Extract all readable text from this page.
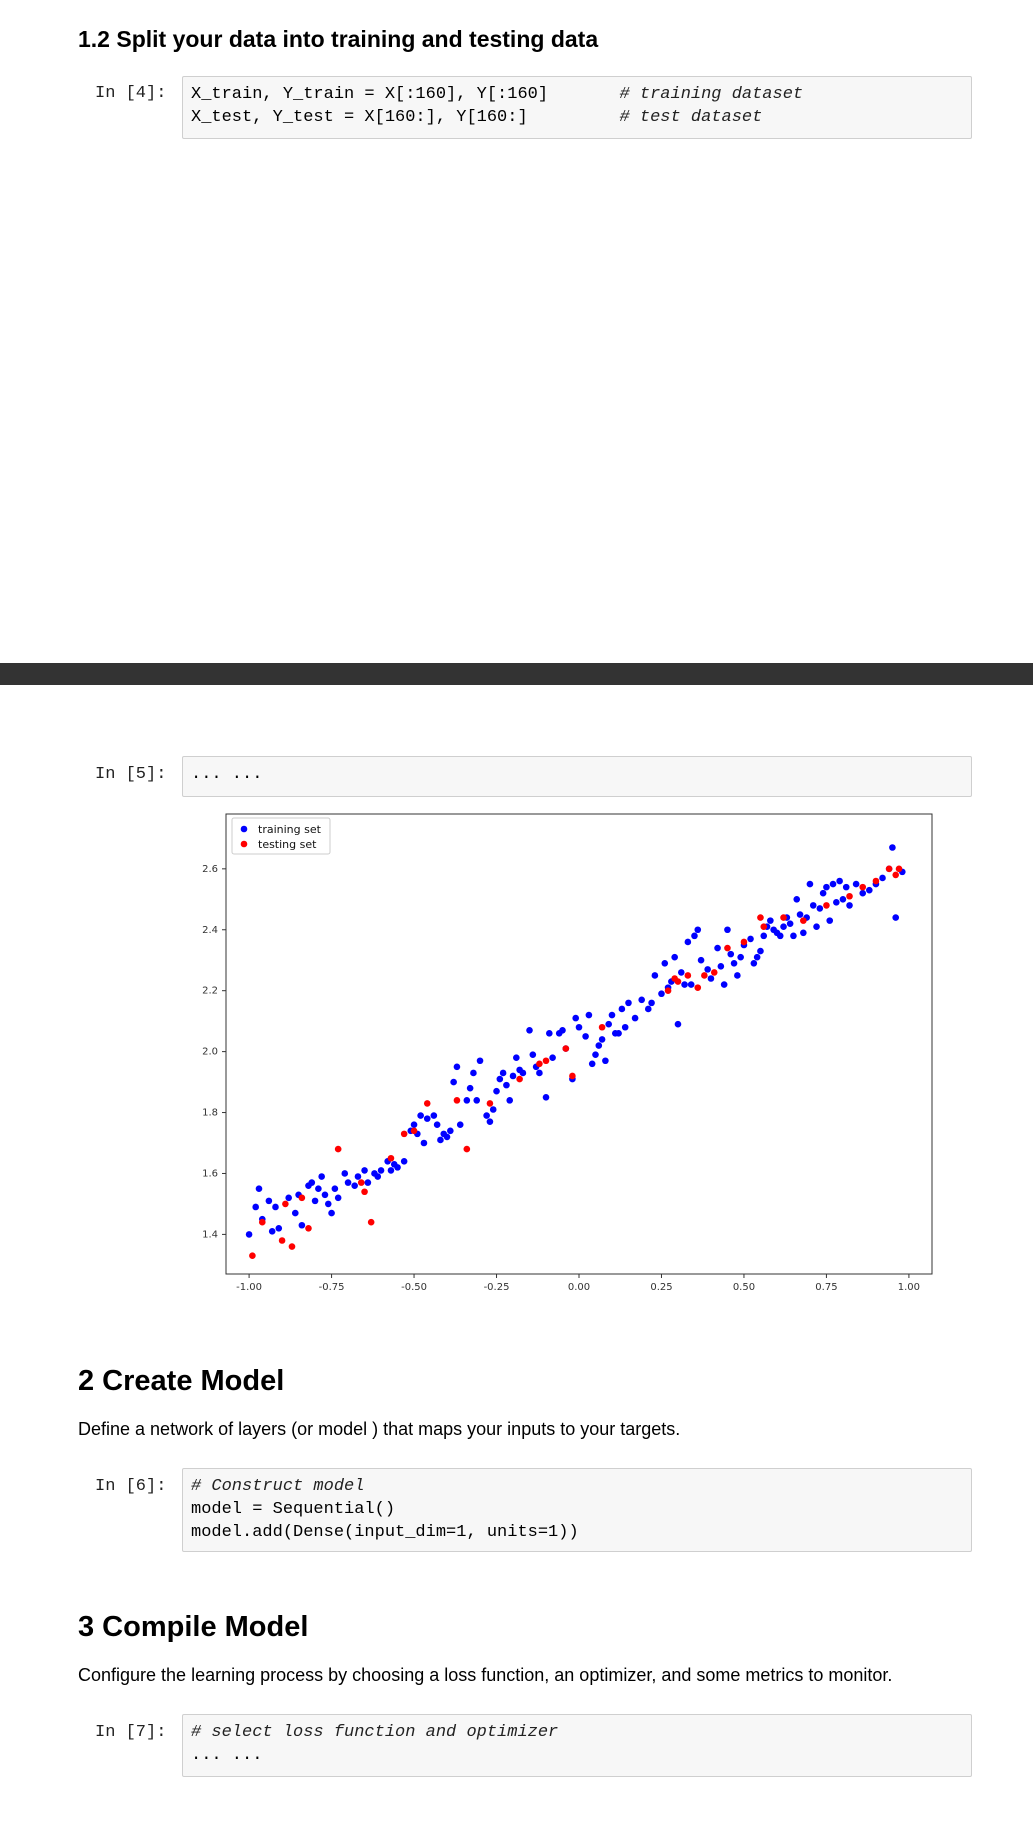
1.2 Split your data into training and testing data
In [4]:	X_train, Y_train = X[:160], Y[:160]	# training dataset
X_test, Y_test = X[160:], Y[160:]	# test dataset
In [5]:	... ...
-1.00	-0.75	-0.50	-0.25	0.00	0.25	0.50	0.75	1.00
1.4
1.6
1.8
2.0
2.2
2.4
2.6
training set
testing set
2 Create Model
Define a network of layers (or model ) that maps your inputs to your targets.
In [6]:	# Construct model
model = Sequential()
model.add(Dense(input_dim=1, units=1))
3 Compile Model
Configure the learning process by choosing a loss function, an optimizer, and some metrics to monitor.
In [7]:	# select loss function and optimizer
... ...
